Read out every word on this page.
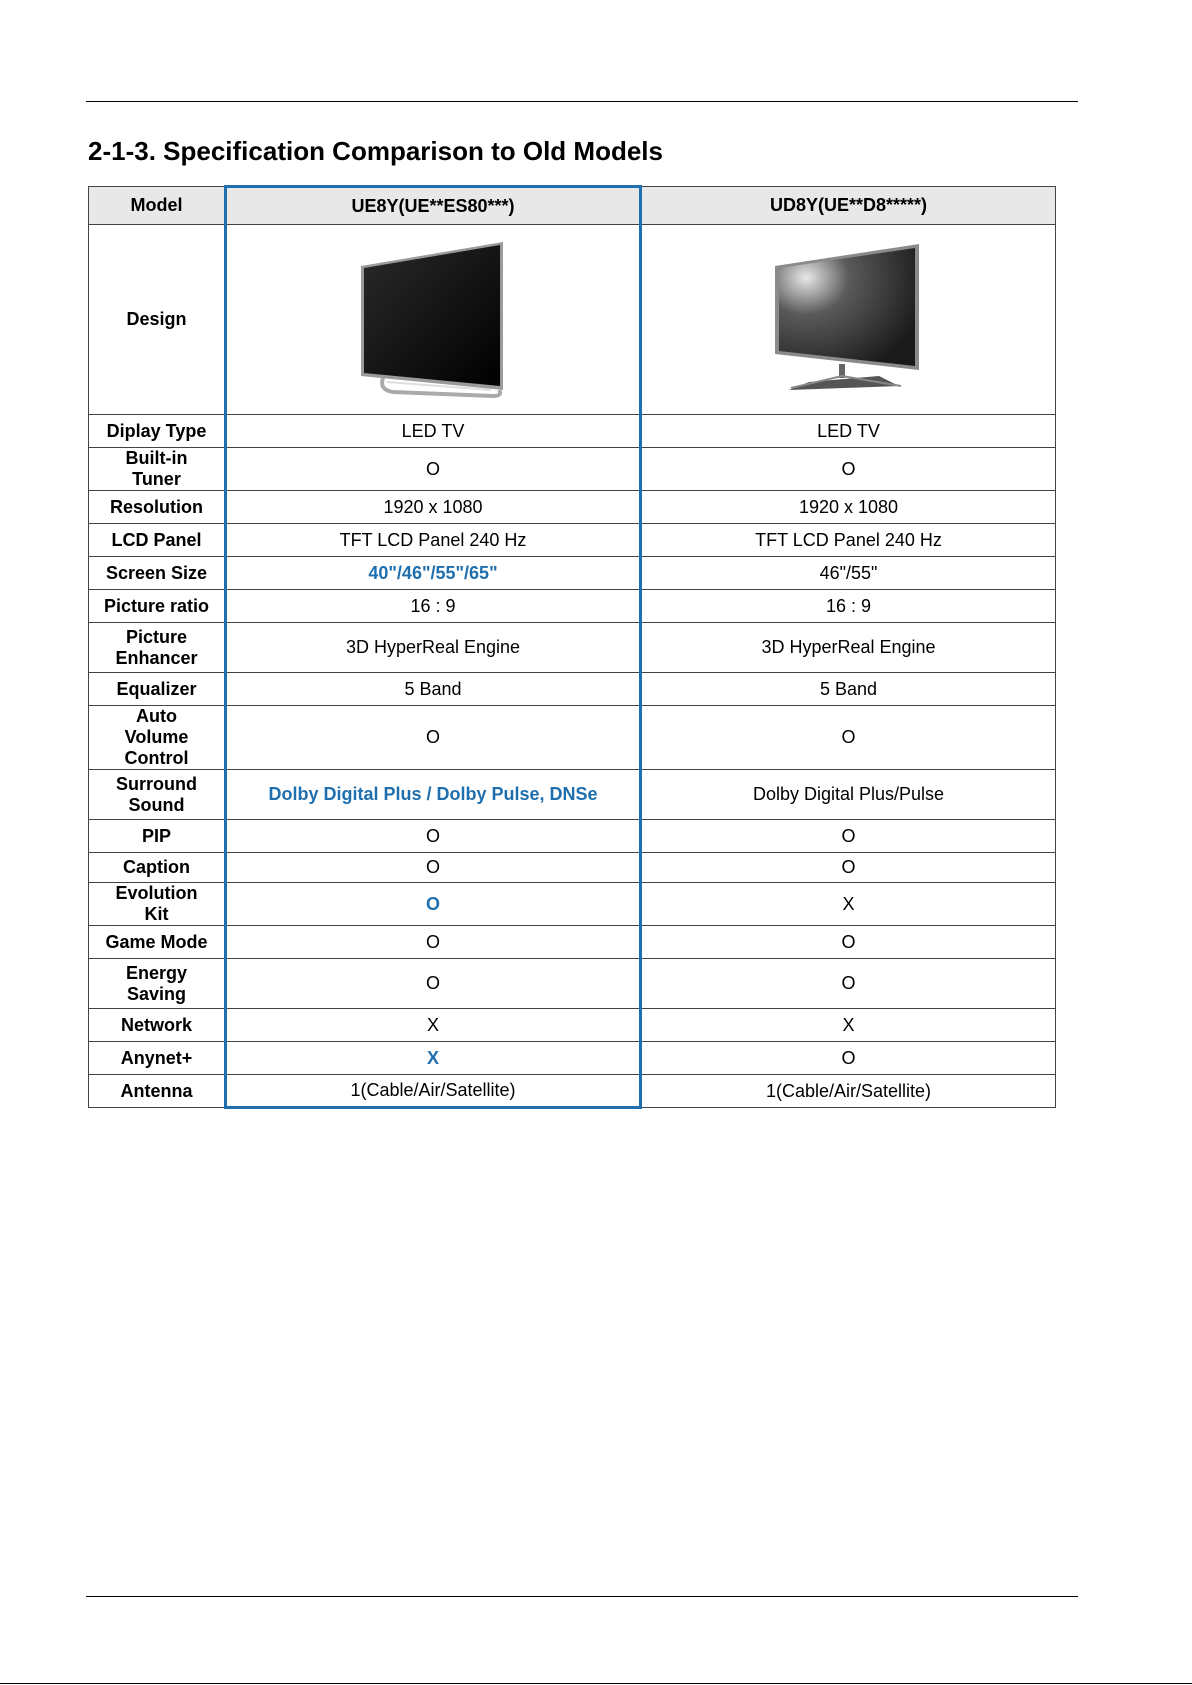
2-1-3. Specification Comparison to Old Models
Model	UE8Y(UE**ES80***)	UD8Y(UE**D8*****)
Design	

Diplay Type	LED TV	LED TV
Built-in Tuner	O	O
Resolution	1920 x 1080	1920 x 1080
LCD Panel	TFT LCD Panel 240 Hz	TFT LCD Panel 240 Hz
Screen Size	40"/46"/55"/65"	46"/55"
Picture ratio	16 : 9	16 : 9
Picture Enhancer	3D HyperReal Engine	3D HyperReal Engine
Equalizer	5 Band	5 Band
Auto Volume Control	O	O
Surround Sound	Dolby Digital Plus / Dolby Pulse, DNSe	Dolby Digital Plus/Pulse
PIP	O	O
Caption	O	O
Evolution Kit	O	X
Game Mode	O	O
Energy Saving	O	O
Network	X	X
Anynet+	X	O
Antenna	1(Cable/Air/Satellite)	1(Cable/Air/Satellite)
